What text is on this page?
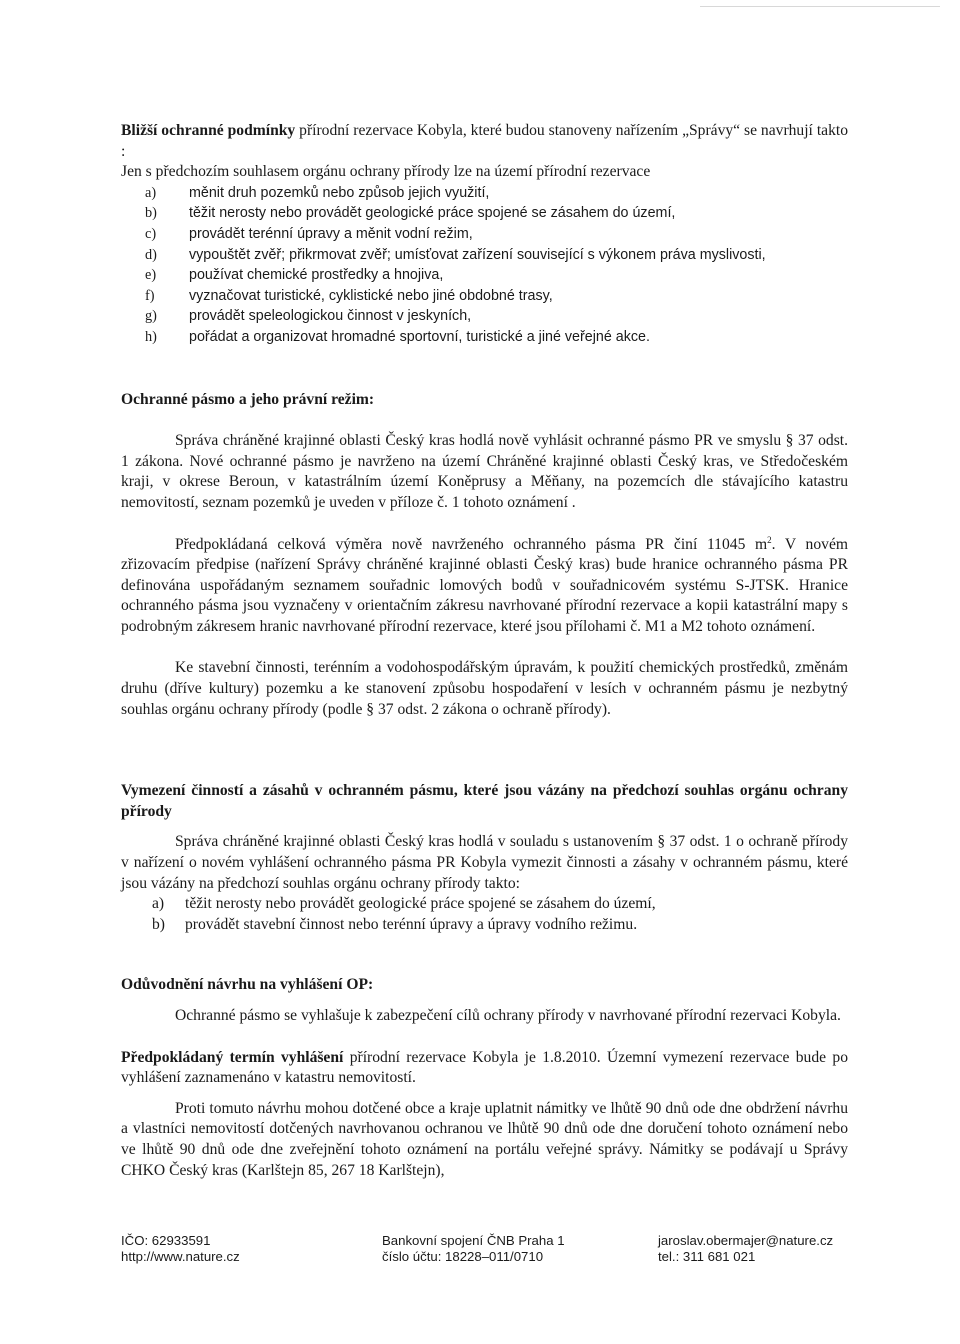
Bližší ochranné podmínky přírodní rezervace Kobyla, které budou stanoveny nařízením „Správy“ se navrhují takto :

Jen s předchozím souhlasem orgánu ochrany přírody lze na území přírodní rezervace

a) měnit druh pozemků nebo způsob jejich využití,
b) těžit nerosty nebo provádět geologické práce spojené se zásahem do území,
c) provádět terénní úpravy a měnit vodní režim,
d) vypouštět zvěř; přikrmovat zvěř; umísťovat zařízení související s výkonem práva myslivosti,
e) používat chemické prostředky a hnojiva,
f) vyznačovat turistické, cyklistické nebo jiné obdobné trasy,
g) provádět speleologickou činnost v jeskyních,
h) pořádat a organizovat hromadné sportovní, turistické a jiné veřejné akce.

Ochranné pásmo a jeho právní režim:

Správa chráněné krajinné oblasti Český kras hodlá nově vyhlásit ochranné pásmo PR ve smyslu § 37 odst. 1 zákona. Nové ochranné pásmo je navrženo na území Chráněné krajinné oblasti Český kras, ve Středočeském kraji, v okrese Beroun, v katastrálním území Koněprusy a Měňany, na pozemcích dle stávajícího katastru nemovitostí, seznam pozemků je uveden v příloze č. 1 tohoto oznámení .

Předpokládaná celková výměra nově navrženého ochranného pásma PR činí 11045 $m^2$. V novém zřizovacím předpise (nařízení Správy chráněné krajinné oblasti Český kras) bude hranice ochranného pásma PR definována uspořádaným seznamem souřadnic lomových bodů v souřadnicovém systému S-JTSK. Hranice ochranného pásma jsou vyznačeny v orientačním zákresu navrhované přírodní rezervace a kopii katastrální mapy s podrobným zákresem hranic navrhované přírodní rezervace, které jsou přílohami č. M1 a M2 tohoto oznámení.

Ke stavební činnosti, terénním a vodohospodářským úpravám, k použití chemických prostředků, změnám druhu (dříve kultury) pozemku a ke stanovení způsobu hospodaření v lesích v ochranném pásmu je nezbytný souhlas orgánu ochrany přírody (podle § 37 odst. 2 zákona o ochraně přírody).

Vymezení činností a zásahů v ochranném pásmu, které jsou vázány na předchozí souhlas orgánu ochrany přírody

Správa chráněné krajinné oblasti Český kras hodlá v souladu s ustanovením § 37 odst. 1 o ochraně přírody v nařízení o novém vyhlášení ochranného pásma PR Kobyla vymezit činnosti a zásahy v ochranném pásmu, které jsou vázány na předchozí souhlas orgánu ochrany přírody takto:

a) těžit nerosty nebo provádět geologické práce spojené se zásahem do území,
b) provádět stavební činnost nebo terénní úpravy a úpravy vodního režimu.

Odůvodnění návrhu na vyhlášení OP:

Ochranné pásmo se vyhlašuje k zabezpečení cílů ochrany přírody v navrhované přírodní rezervaci Kobyla.

Předpokládaný termín vyhlášení přírodní rezervace Kobyla je 1.8.2010. Územní vymezení rezervace bude po vyhlášení zaznamenáno v katastru nemovitostí.

Proti tomuto návrhu mohou dotčené obce a kraje uplatnit námitky ve lhůtě 90 dnů ode dne obdržení návrhu a vlastníci nemovitostí dotčených navrhovanou ochranou ve lhůtě 90 dnů ode dne doručení tohoto oznámení nebo ve lhůtě 90 dnů ode dne zveřejnění tohoto oznámení na portálu veřejné správy. Námitky se podávají u Správy CHKO Český kras (Karlštejn 85, 267 18 Karlštejn),

IČO: 62933591
http://www.nature.cz
Bankovní spojení ČNB Praha 1
číslo účtu: 18228–011/0710
jaroslav.obermajer@nature.cz
tel.: 311 681 021
